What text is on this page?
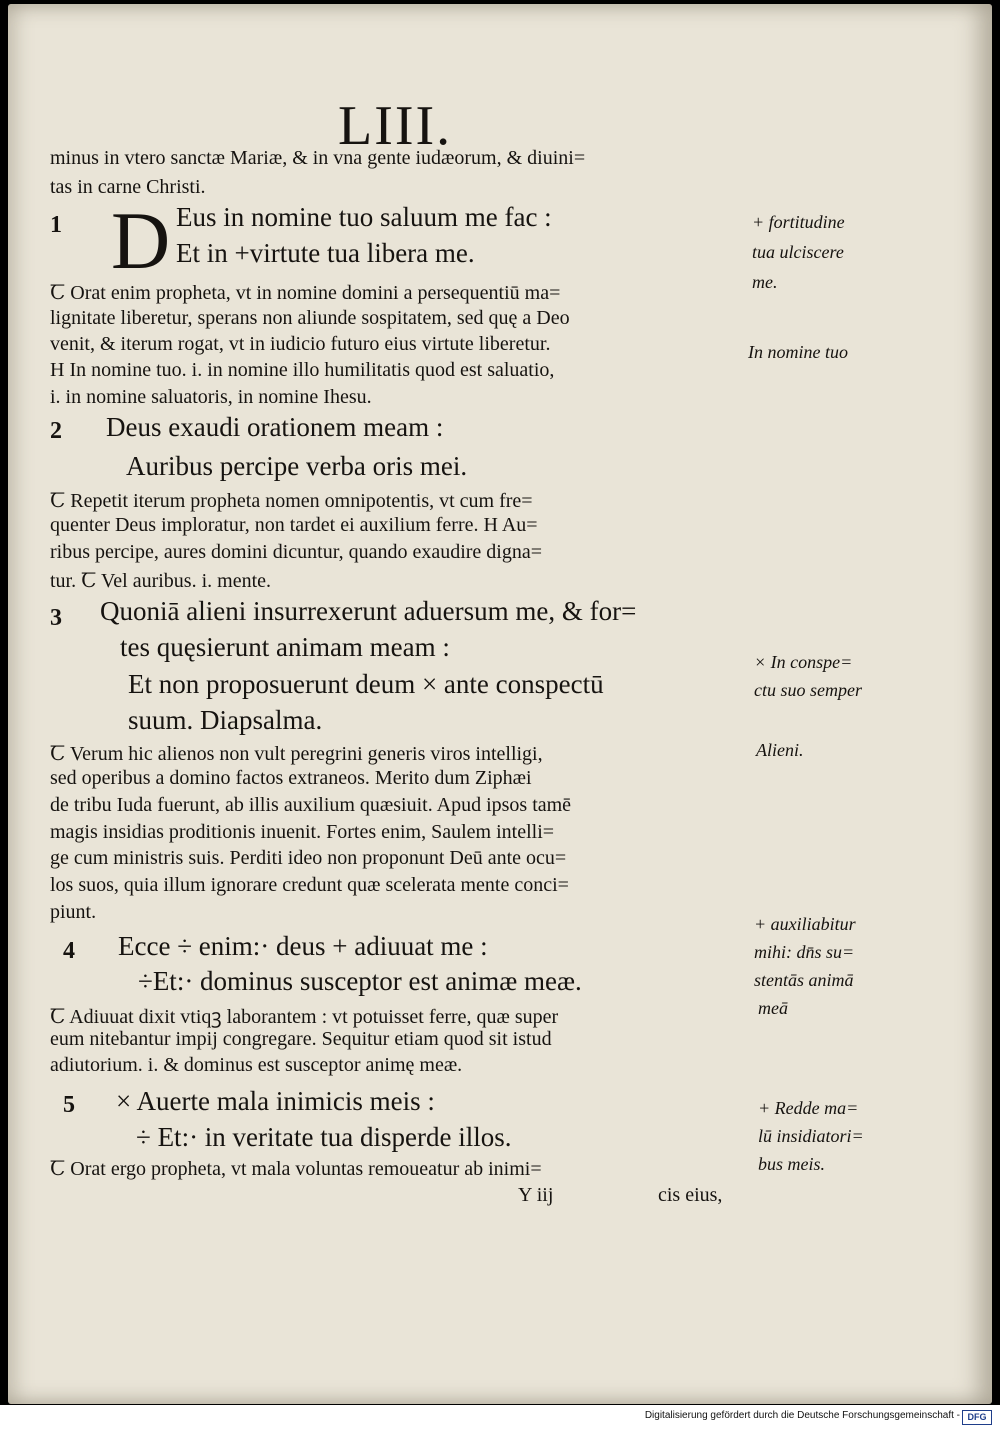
LIII.
minus in vtero sanctæ Mariæ, & in vna gente iudæorum, & diuini=
tas in carne Christi.
1 D Eus in nomine tuo saluum me fac :
Et in +virtute tua libera me.
Ꞇ Orat enim propheta, vt in nomine domini a persequentiū ma=
lignitate liberetur, sperans non aliunde sospitatem, sed quę a Deo
venit, & iterum rogat, vt in iudicio futuro eius virtute liberetur.
H In nomine tuo. i. in nomine illo humilitatis quod est saluatio,
i. in nomine saluatoris, in nomine Ihesu.
2 Deus exaudi orationem meam :
Auribus percipe verba oris mei.
Ꞇ Repetit iterum propheta nomen omnipotentis, vt cum fre=
quenter Deus imploratur, non tardet ei auxilium ferre. H Au=
ribus percipe, aures domini dicuntur, quando exaudire digna=
tur. Ꞇ Vel auribus. i. mente.
3 Quoniā alieni insurrexerunt aduersum me, & for=
tes quęsierunt animam meam :
Et non proposuerunt deum × ante conspectū
suum. Diapsalma.
Ꞇ Verum hic alienos non vult peregrini generis viros intelligi,
sed operibus a domino factos extraneos. Merito dum Ziphæi
de tribu Iuda fuerunt, ab illis auxilium quæsiuit. Apud ipsos tamē
magis insidias proditionis inuenit. Fortes enim, Saulem intelli=
ge cum ministris suis. Perditi ideo non proponunt Deū ante ocu=
los suos, quia illum ignorare credunt quæ scelerata mente conci=
piunt.
4 Ecce ÷ enim:· deus + adiuuat me :
÷Et:· dominus susceptor est animæ meæ.
Ꞇ Adiuuat dixit vtiqꝫ laborantem : vt potuisset ferre, quæ super
eum nitebantur impij congregare. Sequitur etiam quod sit istud
adiutorium. i. & dominus est susceptor animę meæ.
5 × Auerte mala inimicis meis :
÷ Et:· in veritate tua disperde illos.
Ꞇ Orat ergo propheta, vt mala voluntas remoueatur ab inimi=
Y iij	cis eius,
+ fortitudine
tua ulciscere
me.
In nomine tuo
× In conspe=
ctu suo semper
Alieni.
+ auxiliabitur
mihi: dn̄s su=
stentās animā
meā
+ Redde ma=
lū insidiatori=
bus meis.
Digitalisierung gefördert durch die Deutsche Forschungsgemeinschaft - DFG
